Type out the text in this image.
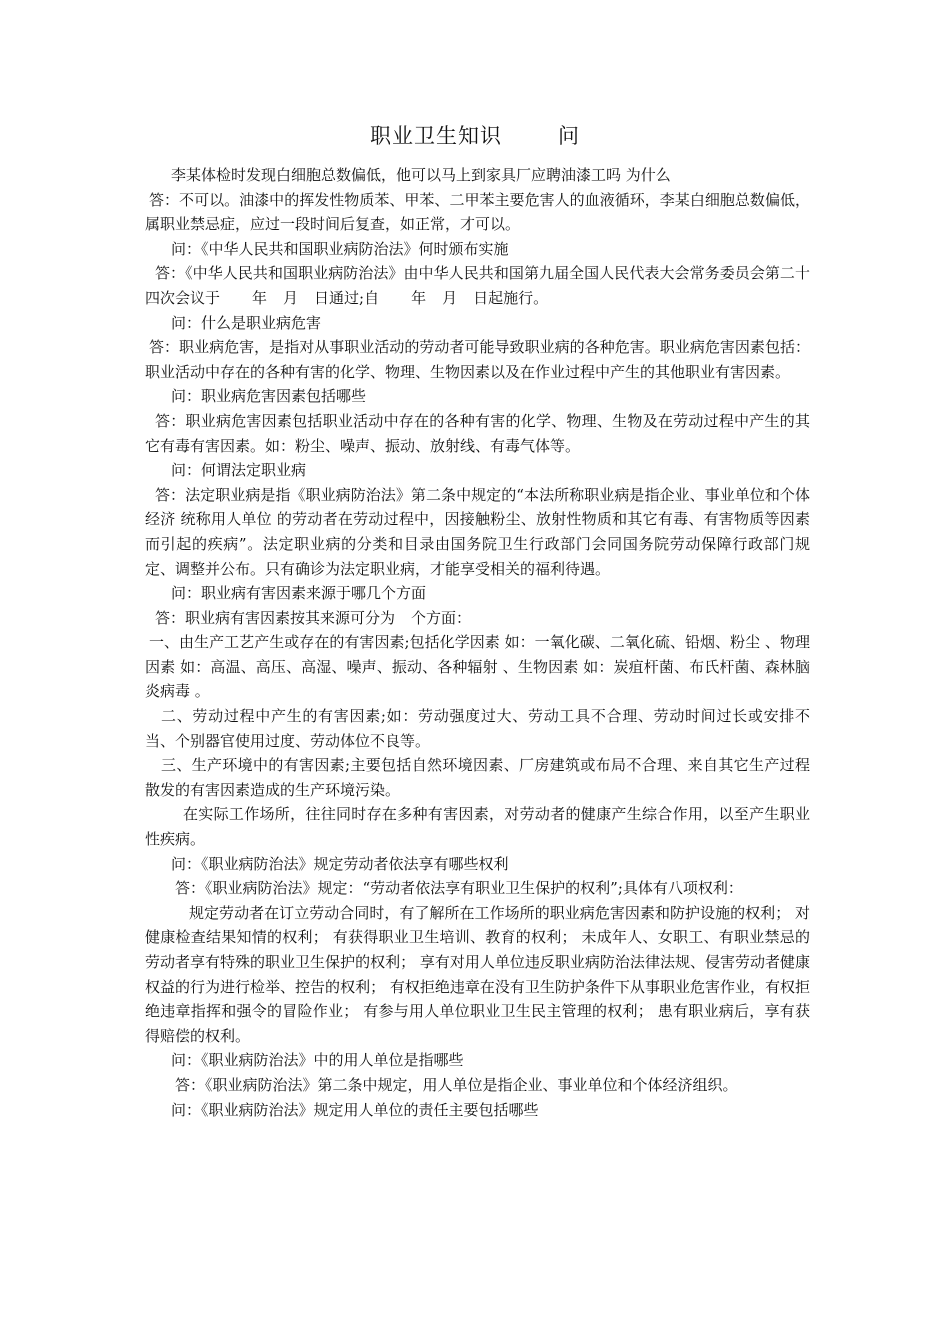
职业卫生知识	问

李某体检时发现白细胞总数偏低，他可以马上到家具厂应聘油漆工吗 为什么

答：不可以。油漆中的挥发性物质苯、甲苯、二甲苯主要危害人的血液循环，李某白细胞总数偏低，属职业禁忌症，应过一段时间后复查，如正常，才可以。

问：《中华人民共和国职业病防治法》何时颁布实施

答：《中华人民共和国职业病防治法》由中华人民共和国第九届全国人民代表大会常务委员会第二十四次会议于 年 月 日通过;自 年 月 日起施行。

问：什么是职业病危害

答：职业病危害，是指对从事职业活动的劳动者可能导致职业病的各种危害。职业病危害因素包括：职业活动中存在的各种有害的化学、物理、生物因素以及在作业过程中产生的其他职业有害因素。

问：职业病危害因素包括哪些

答：职业病危害因素包括职业活动中存在的各种有害的化学、物理、生物及在劳动过程中产生的其它有毒有害因素。如：粉尘、噪声、振动、放射线、有毒气体等。

问：何谓法定职业病

答：法定职业病是指《职业病防治法》第二条中规定的“本法所称职业病是指企业、事业单位和个体经济 统称用人单位 的劳动者在劳动过程中，因接触粉尘、放射性物质和其它有毒、有害物质等因素而引起的疾病”。法定职业病的分类和目录由国务院卫生行政部门会同国务院劳动保障行政部门规定、调整并公布。只有确诊为法定职业病，才能享受相关的福利待遇。

问：职业病有害因素来源于哪几个方面

答：职业病有害因素按其来源可分为 个方面：

一、由生产工艺产生或存在的有害因素;包括化学因素 如：一氧化碳、二氧化硫、铅烟、粉尘 、物理因素 如：高温、高压、高湿、噪声、振动、各种辐射 、生物因素 如：炭疽杆菌、布氏杆菌、森林脑炎病毒 。

二、劳动过程中产生的有害因素;如：劳动强度过大、劳动工具不合理、劳动时间过长或安排不当、个别器官使用过度、劳动体位不良等。

三、生产环境中的有害因素;主要包括自然环境因素、厂房建筑或布局不合理、来自其它生产过程散发的有害因素造成的生产环境污染。

在实际工作场所，往往同时存在多种有害因素，对劳动者的健康产生综合作用，以至产生职业性疾病。

问：《职业病防治法》规定劳动者依法享有哪些权利

答：《职业病防治法》规定：“劳动者依法享有职业卫生保护的权利”;具体有八项权利：

规定劳动者在订立劳动合同时，有了解所在工作场所的职业病危害因素和防护设施的权利； 对健康检查结果知情的权利； 有获得职业卫生培训、教育的权利； 未成年人、女职工、有职业禁忌的劳动者享有特殊的职业卫生保护的权利； 享有对用人单位违反职业病防治法律法规、侵害劳动者健康权益的行为进行检举、控告的权利； 有权拒绝违章在没有卫生防护条件下从事职业危害作业，有权拒绝违章指挥和强令的冒险作业； 有参与用人单位职业卫生民主管理的权利； 患有职业病后，享有获得赔偿的权利。

问：《职业病防治法》中的用人单位是指哪些

答：《职业病防治法》第二条中规定，用人单位是指企业、事业单位和个体经济组织。

问：《职业病防治法》规定用人单位的责任主要包括哪些
